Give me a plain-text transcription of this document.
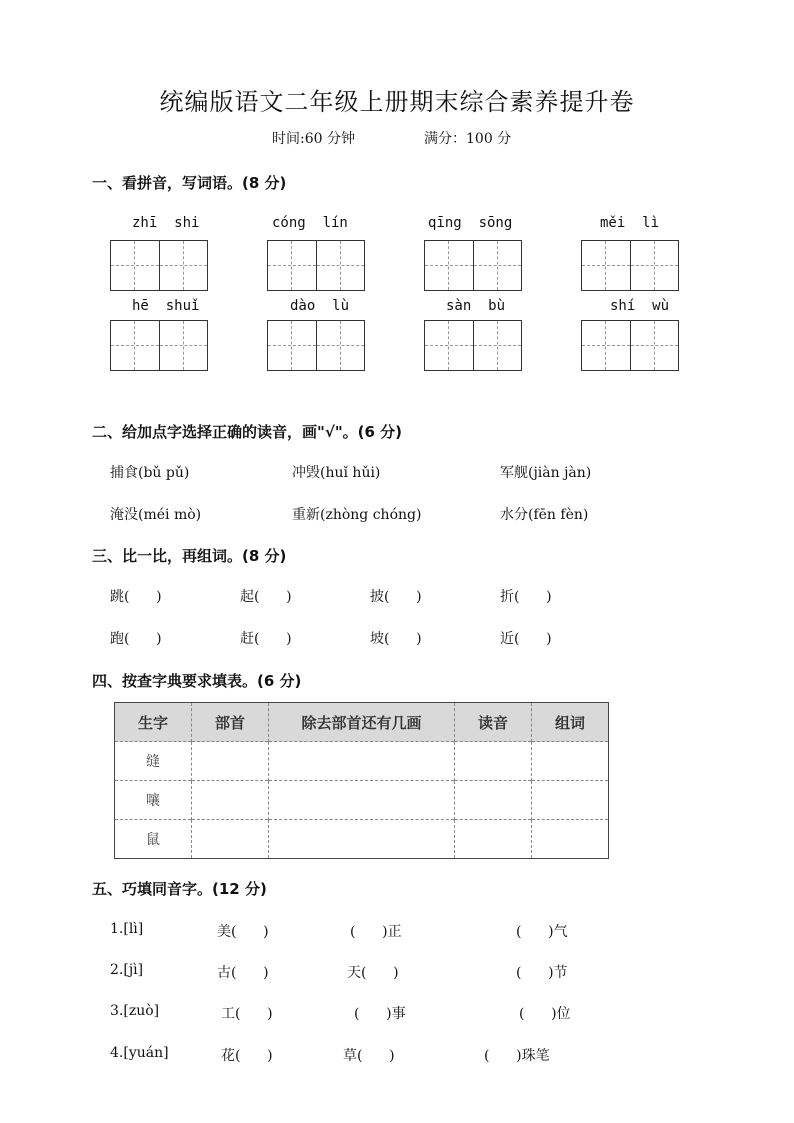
统编版语文二年级上册期末综合素养提升卷
时间:60 分钟	满分：100 分
一、看拼音，写词语。(8 分)
zhī  shi	cóng  lín	qīng  sōng	měi  lì
hē  shuǐ	dào  lù	sàn  bù	shí  wù
二、给加点字选择正确的读音，画"√"。(6 分)
捕食(bǔ pǔ)	冲毁(huǐ hǔi)	军舰(jiàn jàn)
淹没(méi mò)	重新(zhòng chóng)	水分(fēn fèn)
三、比一比，再组词。(8 分)
跳(      )	起(      )	披(      )	折(      )
跑(      )	赶(      )	坡(      )	近(      )
四、按查字典要求填表。(6 分)
生字	部首	除去部首还有几画	读音	组词
缝				
嚷				
鼠				
五、巧填同音字。(12 分)
1.[lì]	美(      )	(      )正	(      )气
2.[jì]	古(      )	天(      )	(      )节
3.[zuò]	工(      )	(      )事	(      )位
4.[yuán]	花(      )	草(      )	(      )珠笔
